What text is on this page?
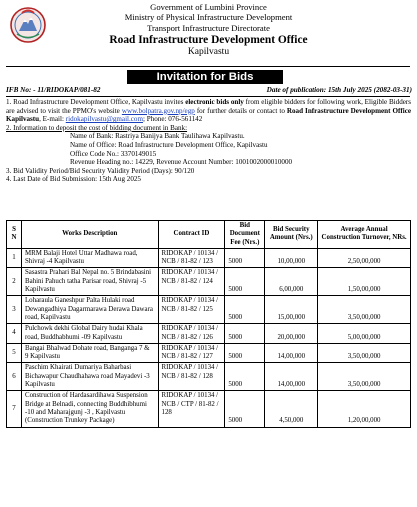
Government of Lumbini Province
Ministry of Physical Infrastructure Development
Transport Infrastructure Directorate
Road Infrastructure Development Office
Kapilvastu
Invitation for Bids
IFB No: - 11/RIDOKAP/081-82	Date of publication: 15th July 2025 (2082-03-31)

1. Road Infrastructure Development Office, Kapilvastu invites electronic bids only from eligible bidders for following work, Eligible Bidders are advised to visit the PPMO's website www.bolpatra.gov.np/egp for further details or contact to Road Infrastructure Development Office Kapilvastu, E-mail: ridokapilvastu@gmail.com; Phone: 076-561142

2. Information to deposit the cost of bidding document in Bank:

Name of Bank: Rastriya Banijya Bank Taulihawa Kapilvastu.

Name of Office: Road Infrastructure Development Office, Kapilvastu

Office Code No.: 3370149015

Revenue Heading no.: 14229, Revenue Account Number: 1001002000010000

3. Bid Validity Period/Bid Security Validity Period (Days): 90/120

4. Last Date of Bid Submission: 15th Aug 2025

S N	Works Description	Contract ID	Bid Document Fee (Nrs.)	Bid Security Amount (Nrs.)	Average Annual Construction Turnover, NRs.
1	MRM Balaji Hotel Uttar Madhawa road, Shivraj -4 Kapilvastu	RIDOKAP / 10134 / NCB / 81-82 / 123	5000	10,00,000	2,50,00,000
2	Sasastra Prahari Bal Nepal no. 5 Brindabasini Bahini Pahuch tatha Parisar road, Shivraj -5 Kapilvastu	RIDOKAP / 10134 / NCB / 81-82 / 124	5000	6,00,000	1,50,00,000
3	Loharaula Ganeshpur Palta Hulaki road Dewangadhiya Dagarmarawa Derawa Dawara road, Kapilvastu	RIDOKAP / 10134 / NCB / 81-82 / 125	5000	15,00,000	3,50,00,000
4	Pulchowk dekhi Global Dairy hudai Khala road, Buddhabhumi -09 Kapilvastu	RIDOKAP / 10134 / NCB / 81-82 / 126	5000	20,00,000	5,00,00,000
5	Bangai Bhalwad Dohate road, Banganga 7 & 9 Kapilvastu	RIDOKAP / 10134 / NCB / 81-82 / 127	5000	14,00,000	3,50,00,000
6	Paschim Khairati Dumariya Baharbasi Bichawapur Chaudhahawa road Mayadevi -3 Kapilvastu	RIDOKAP / 10134 / NCB / 81-82 / 128	5000	14,00,000	3,50,00,000
7	Construction of Hardasardihawa Suspension Bridge at Belnadi, connecting Buddhibhumi -10 and Maharajgunj -3 , Kapilvastu (Construction Trunkey Package)	RIDOKAP / 10134 / NCB / CTP / 81-82 / 128	5000	4,50,000	1,20,00,000
